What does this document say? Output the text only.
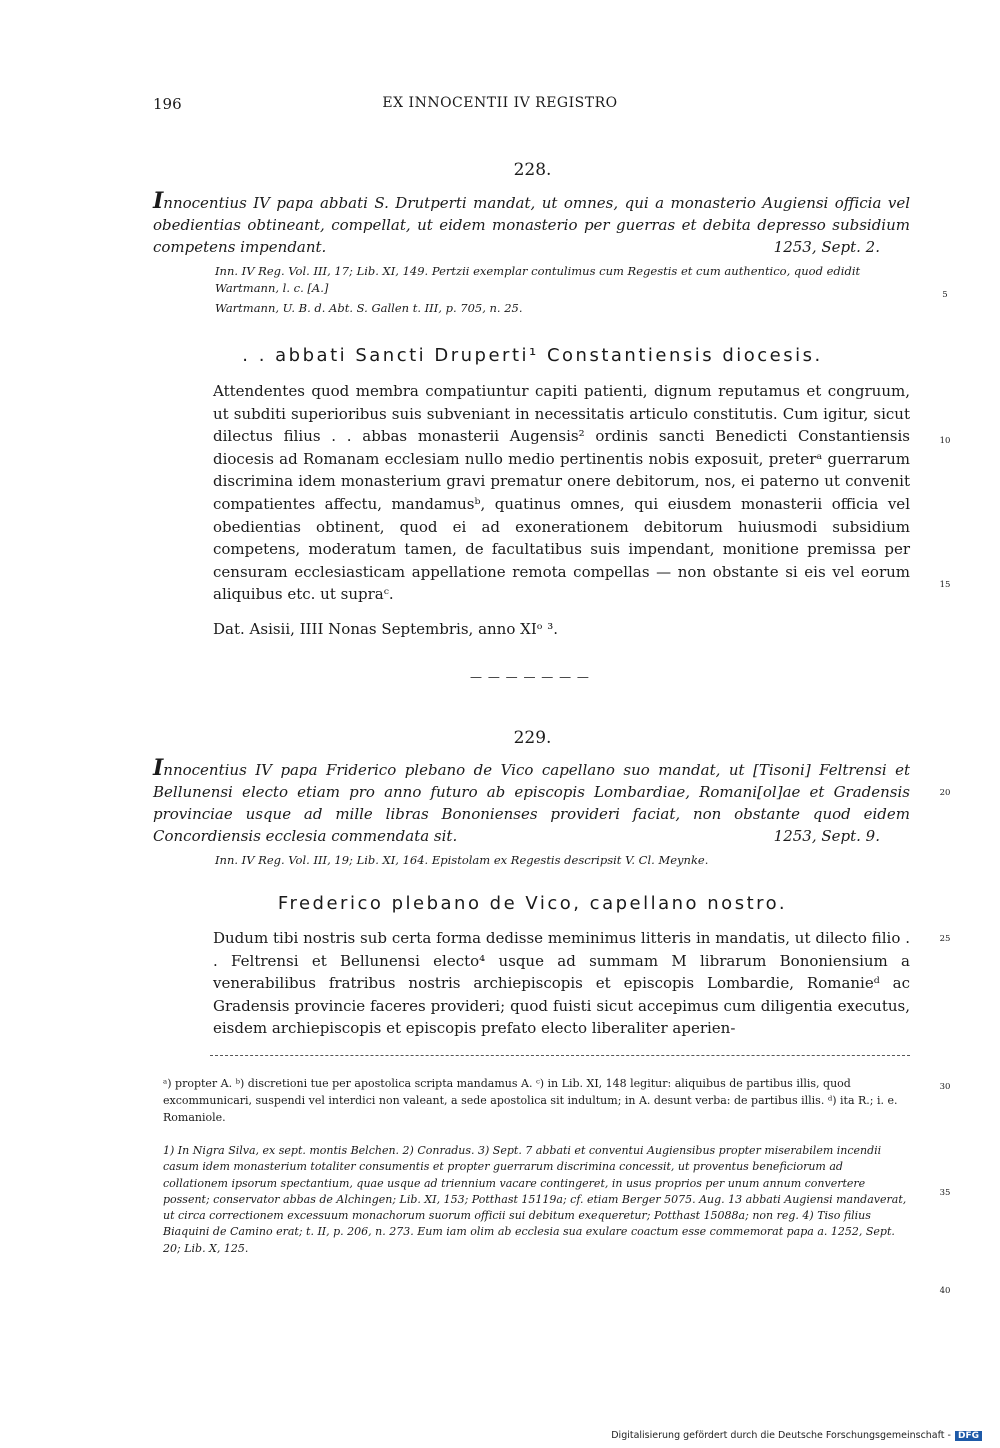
196	EX INNOCENTII IV REGISTRO
228.
Innocentius IV papa abbati S. Drutperti mandat, ut omnes, qui a monasterio Augiensi officia vel obedientias obtineant, compellat, ut eidem monasterio per guerras et debita depresso subsidium competens impendant.	1253, Sept. 2.

Inn. IV Reg. Vol. III, 17; Lib. XI, 149. Pertzii exemplar contulimus cum Regestis et cum authentico, quod edidit Wartmann, l. c. [A.]

Wartmann, U. B. d. Abt. S. Gallen t. III, p. 705, n. 25.

. . abbati Sancti Druperti¹ Constantiensis diocesis.

Attendentes quod membra compatiuntur capiti patienti, dignum reputamus et congruum, ut subditi superioribus suis subveniant in necessitatis articulo constitutis. Cum igitur, sicut dilectus filius . . abbas monasterii Augensis² ordinis sancti Benedicti Constantiensis diocesis ad Romanam ecclesiam nullo medio pertinentis nobis exposuit, preterᵃ guerrarum discrimina idem monasterium gravi prematur onere debitorum, nos, ei paterno ut convenit compatientes affectu, mandamusᵇ, quatinus omnes, qui eiusdem monasterii officia vel obedientias obtinent, quod ei ad exonerationem debitorum huiusmodi subsidium competens, moderatum tamen, de facultatibus suis impendant, monitione premissa per censuram ecclesiasticam appellatione remota compellas — non obstante si eis vel eorum aliquibus etc. ut supraᶜ.

Dat. Asisii, IIII Nonas Septembris, anno XIᵒ ³.
— — — — — — —
229.
Innocentius IV papa Friderico plebano de Vico capellano suo mandat, ut [Tisoni] Feltrensi et Bellunensi electo etiam pro anno futuro ab episcopis Lombardiae, Romani[ol]ae et Gradensis provinciae usque ad mille libras Bononienses provideri faciat, non obstante quod eidem Concordiensis ecclesia commendata sit.	1253, Sept. 9.

Inn. IV Reg. Vol. III, 19; Lib. XI, 164. Epistolam ex Regestis descripsit V. Cl. Meynke.

Frederico plebano de Vico, capellano nostro.

Dudum tibi nostris sub certa forma dedisse meminimus litteris in mandatis, ut dilecto filio . . Feltrensi et Bellunensi electo⁴ usque ad summam M librarum Bononiensium a venerabilibus fratribus nostris archiepiscopis et episcopis Lombardie, Romanieᵈ ac Gradensis provincie faceres provideri; quod fuisti sicut accepimus cum diligentia executus, eisdem archiepiscopis et episcopis prefato electo liberaliter aperien-

ᵃ) propter A. ᵇ) discretioni tue per apostolica scripta mandamus A. ᶜ) in Lib. XI, 148 legitur: aliquibus de partibus illis, quod excommunicari, suspendi vel interdici non valeant, a sede apostolica sit indultum; in A. desunt verba: de partibus illis. ᵈ) ita R.; i. e. Romaniole.

1) In Nigra Silva, ex sept. montis Belchen. 2) Conradus. 3) Sept. 7 abbati et conventui Augiensibus propter miserabilem incendii casum idem monasterium totaliter consumentis et propter guerrarum discrimina concessit, ut proventus beneficiorum ad collationem ipsorum spectantium, quae usque ad triennium vacare contingeret, in usus proprios per unum annum convertere possent; conservator abbas de Alchingen; Lib. XI, 153; Potthast 15119a; cf. etiam Berger 5075. Aug. 13 abbati Augiensi mandaverat, ut circa correctionem excessuum monachorum suorum officii sui debitum exequeretur; Potthast 15088a; non reg. 4) Tiso filius Biaquini de Camino erat; t. II, p. 206, n. 273. Eum iam olim ab ecclesia sua exulare coactum esse commemorat papa a. 1252, Sept. 20; Lib. X, 125.

5
10
15
20
25
30
35
40
Digitalisierung gefördert durch die Deutsche Forschungsgemeinschaft - DFG
